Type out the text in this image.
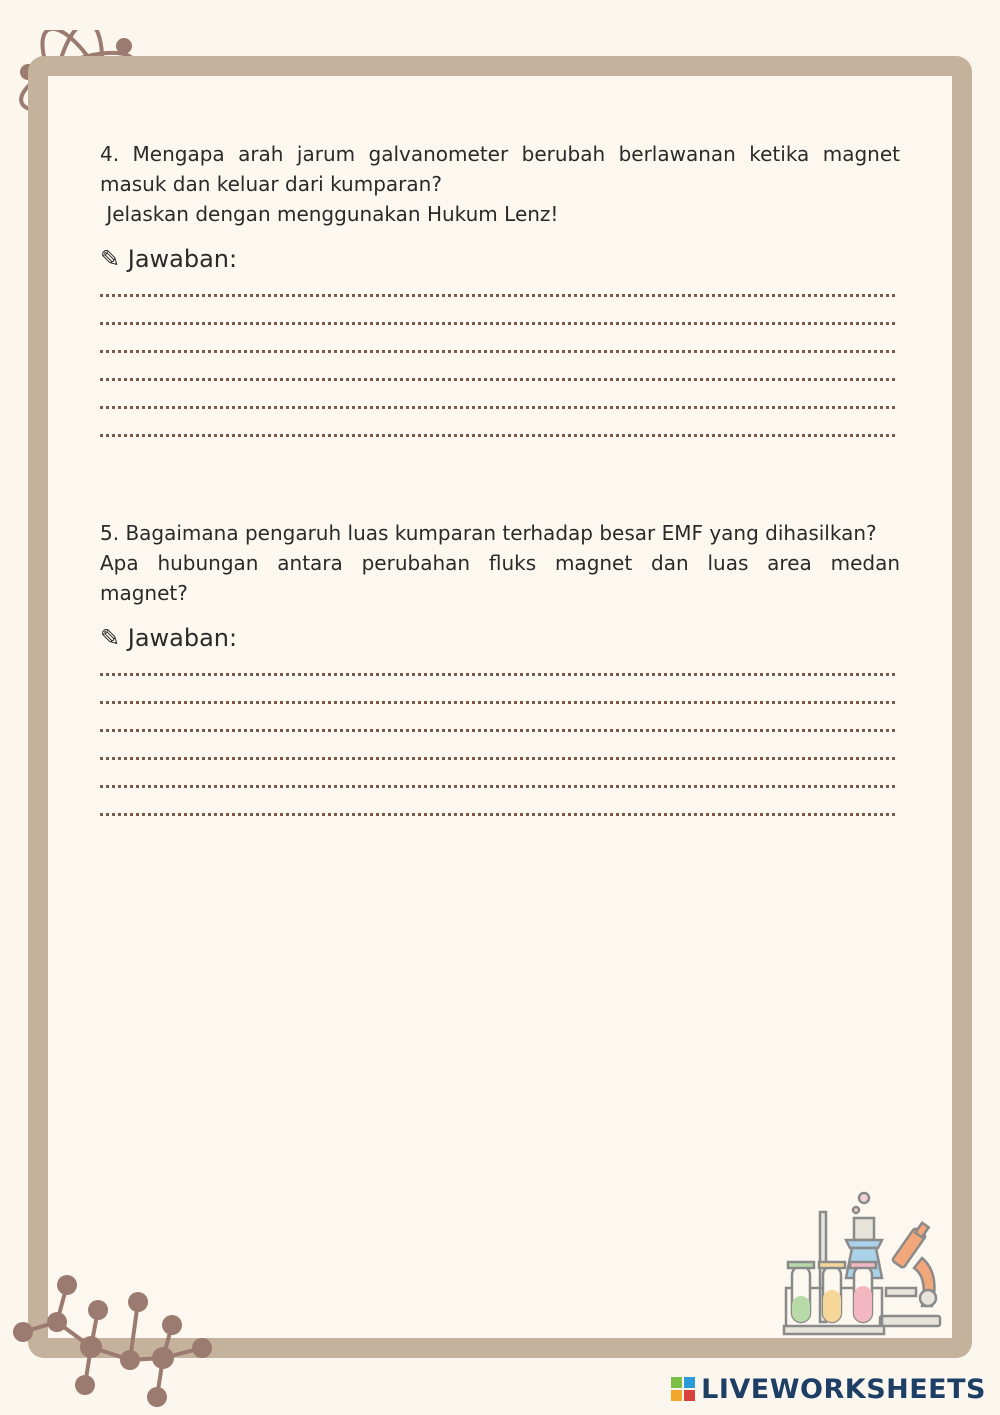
4. Mengapa arah jarum galvanometer berubah berlawanan ketika magnet
masuk dan keluar dari kumparan?
Jelaskan dengan menggunakan Hukum Lenz!

✎ Jawaban:

5. Bagaimana pengaruh luas kumparan terhadap besar EMF yang dihasilkan?
Apa hubungan antara perubahan fluks magnet dan luas area medan
magnet?

✎ Jawaban:
LIVEWORKSHEETS
